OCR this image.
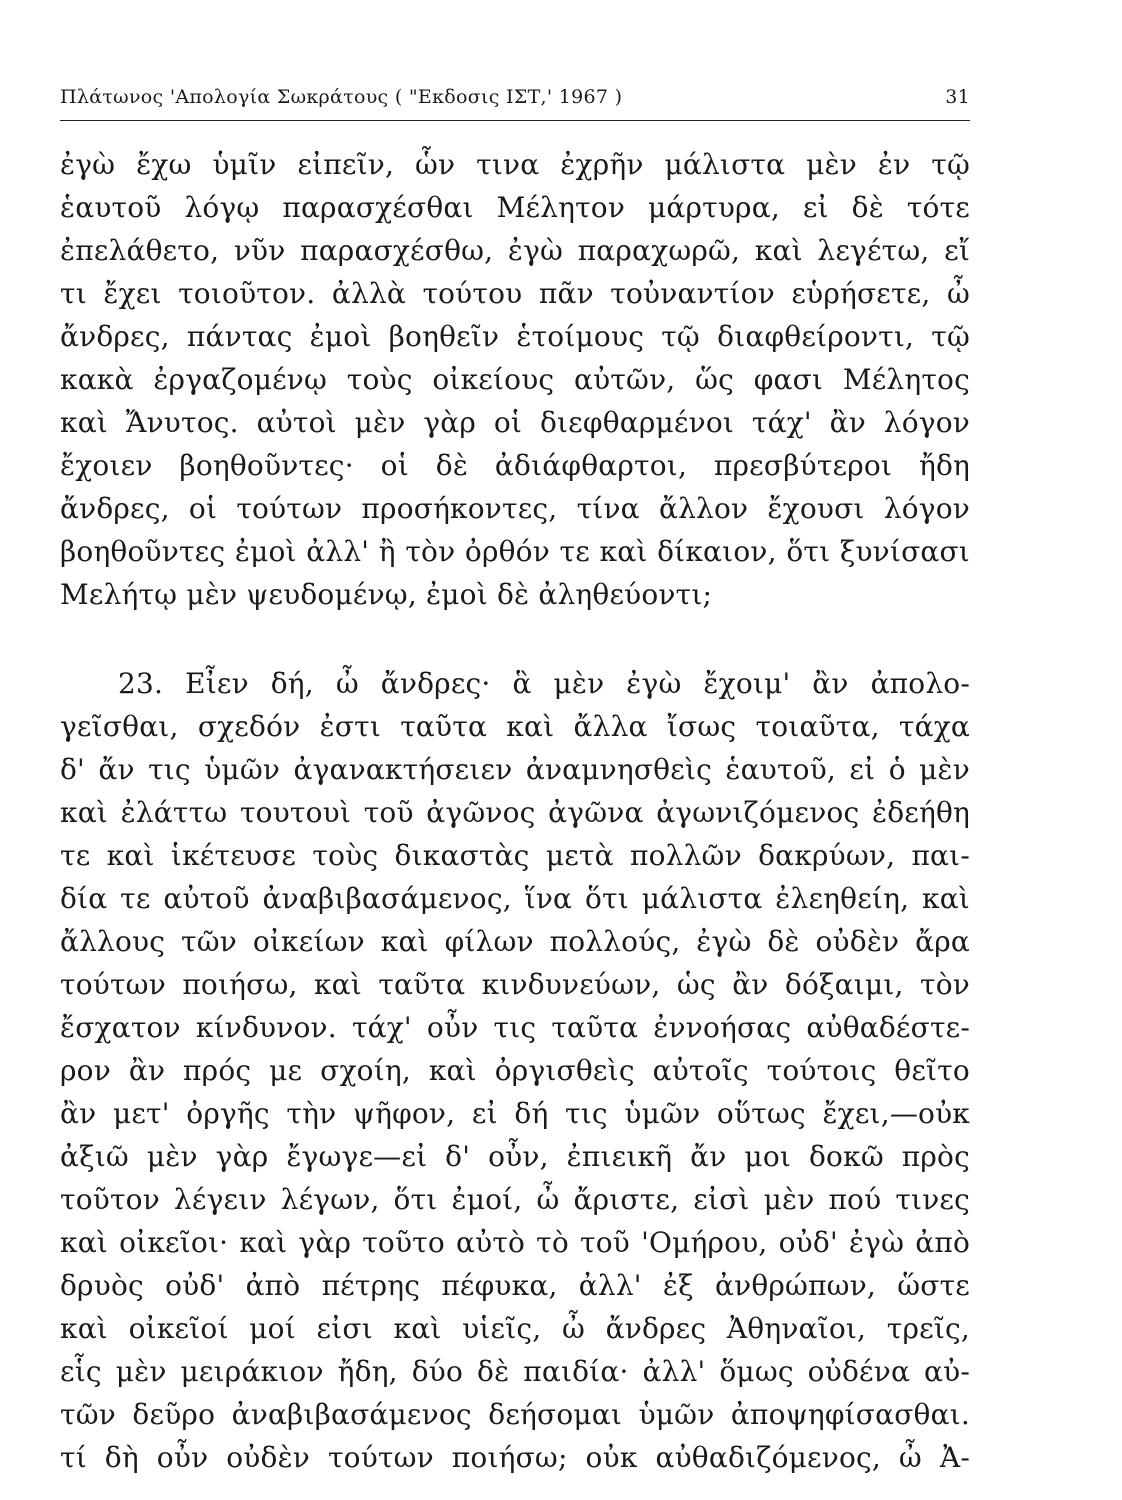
Πλάτωνος 'Απολογία Σωκράτους ( "Εκδοσις ΙΣΤ,' 1967 )	31
ἐγὼ ἔχω ὑμῖν εἰπεῖν, ὧν τινα ἐχρῆν μάλιστα μὲν ἐν τῷ
ἑαυτοῦ λόγῳ παρασχέσθαι Μέλητον μάρτυρα, εἰ δὲ τότε
ἐπελάθετο, νῦν παρασχέσθω, ἐγὼ παραχωρῶ, καὶ λεγέτω, εἴ
τι ἔχει τοιοῦτον. ἀλλὰ τούτου πᾶν τοὐναντίον εὑρήσετε, ὦ
ἄνδρες, πάντας ἐμοὶ βοηθεῖν ἑτοίμους τῷ διαφθείροντι, τῷ
κακὰ ἐργαζομένῳ τοὺς οἰκείους αὐτῶν, ὥς φασι Μέλητος
καὶ Ἄνυτος. αὐτοὶ μὲν γὰρ οἱ διεφθαρμένοι τάχ' ἂν λόγον
ἔχοιεν βοηθοῦντες· οἱ δὲ ἀδιάφθαρτοι, πρεσβύτεροι ἤδη
ἄνδρες, οἱ τούτων προσήκοντες, τίνα ἄλλον ἔχουσι λόγον
βοηθοῦντες ἐμοὶ ἀλλ' ἢ τὸν ὀρθόν τε καὶ δίκαιον, ὅτι ξυνίσασι
Μελήτῳ μὲν ψευδομένῳ, ἐμοὶ δὲ ἀληθεύοντι;
23. Εἶεν δή, ὦ ἄνδρες· ἃ μὲν ἐγὼ ἔχοιμ' ἂν ἀπολο-
γεῖσθαι, σχεδόν ἐστι ταῦτα καὶ ἄλλα ἴσως τοιαῦτα, τάχα
δ' ἄν τις ὑμῶν ἀγανακτήσειεν ἀναμνησθεὶς ἑαυτοῦ, εἰ ὁ μὲν
καὶ ἐλάττω τουτουὶ τοῦ ἀγῶνος ἀγῶνα ἀγωνιζόμενος ἐδεήθη
τε καὶ ἱκέτευσε τοὺς δικαστὰς μετὰ πολλῶν δακρύων, παι-
δία τε αὐτοῦ ἀναβιβασάμενος, ἵνα ὅτι μάλιστα ἐλεηθείη, καὶ
ἄλλους τῶν οἰκείων καὶ φίλων πολλούς, ἐγὼ δὲ οὐδὲν ἄρα
τούτων ποιήσω, καὶ ταῦτα κινδυνεύων, ὡς ἂν δόξαιμι, τὸν
ἔσχατον κίνδυνον. τάχ' οὖν τις ταῦτα ἐννοήσας αὐθαδέστε-
ρον ἂν πρός με σχοίη, καὶ ὀργισθεὶς αὐτοῖς τούτοις θεῖτο
ἂν μετ' ὀργῆς τὴν ψῆφον, εἰ δή τις ὑμῶν οὕτως ἔχει,—οὐκ
ἀξιῶ μὲν γὰρ ἔγωγε—εἰ δ' οὖν, ἐπιεικῆ ἄν μοι δοκῶ πρὸς
τοῦτον λέγειν λέγων, ὅτι ἐμοί, ὦ ἄριστε, εἰσὶ μὲν πού τινες
καὶ οἰκεῖοι· καὶ γὰρ τοῦτο αὐτὸ τὸ τοῦ 'Ομήρου, οὐδ' ἐγὼ ἀπὸ
δρυὸς οὐδ' ἀπὸ πέτρης πέφυκα, ἀλλ' ἐξ ἀνθρώπων, ὥστε
καὶ οἰκεῖοί μοί εἰσι καὶ υἱεῖς, ὦ ἄνδρες Ἀθηναῖοι, τρεῖς,
εἷς μὲν μειράκιον ἤδη, δύο δὲ παιδία· ἀλλ' ὅμως οὐδένα αὐ-
τῶν δεῦρο ἀναβιβασάμενος δεήσομαι ὑμῶν ἀποψηφίσασθαι.
τί δὴ οὖν οὐδὲν τούτων ποιήσω; οὐκ αὐθαδιζόμενος, ὦ Ἀ-
